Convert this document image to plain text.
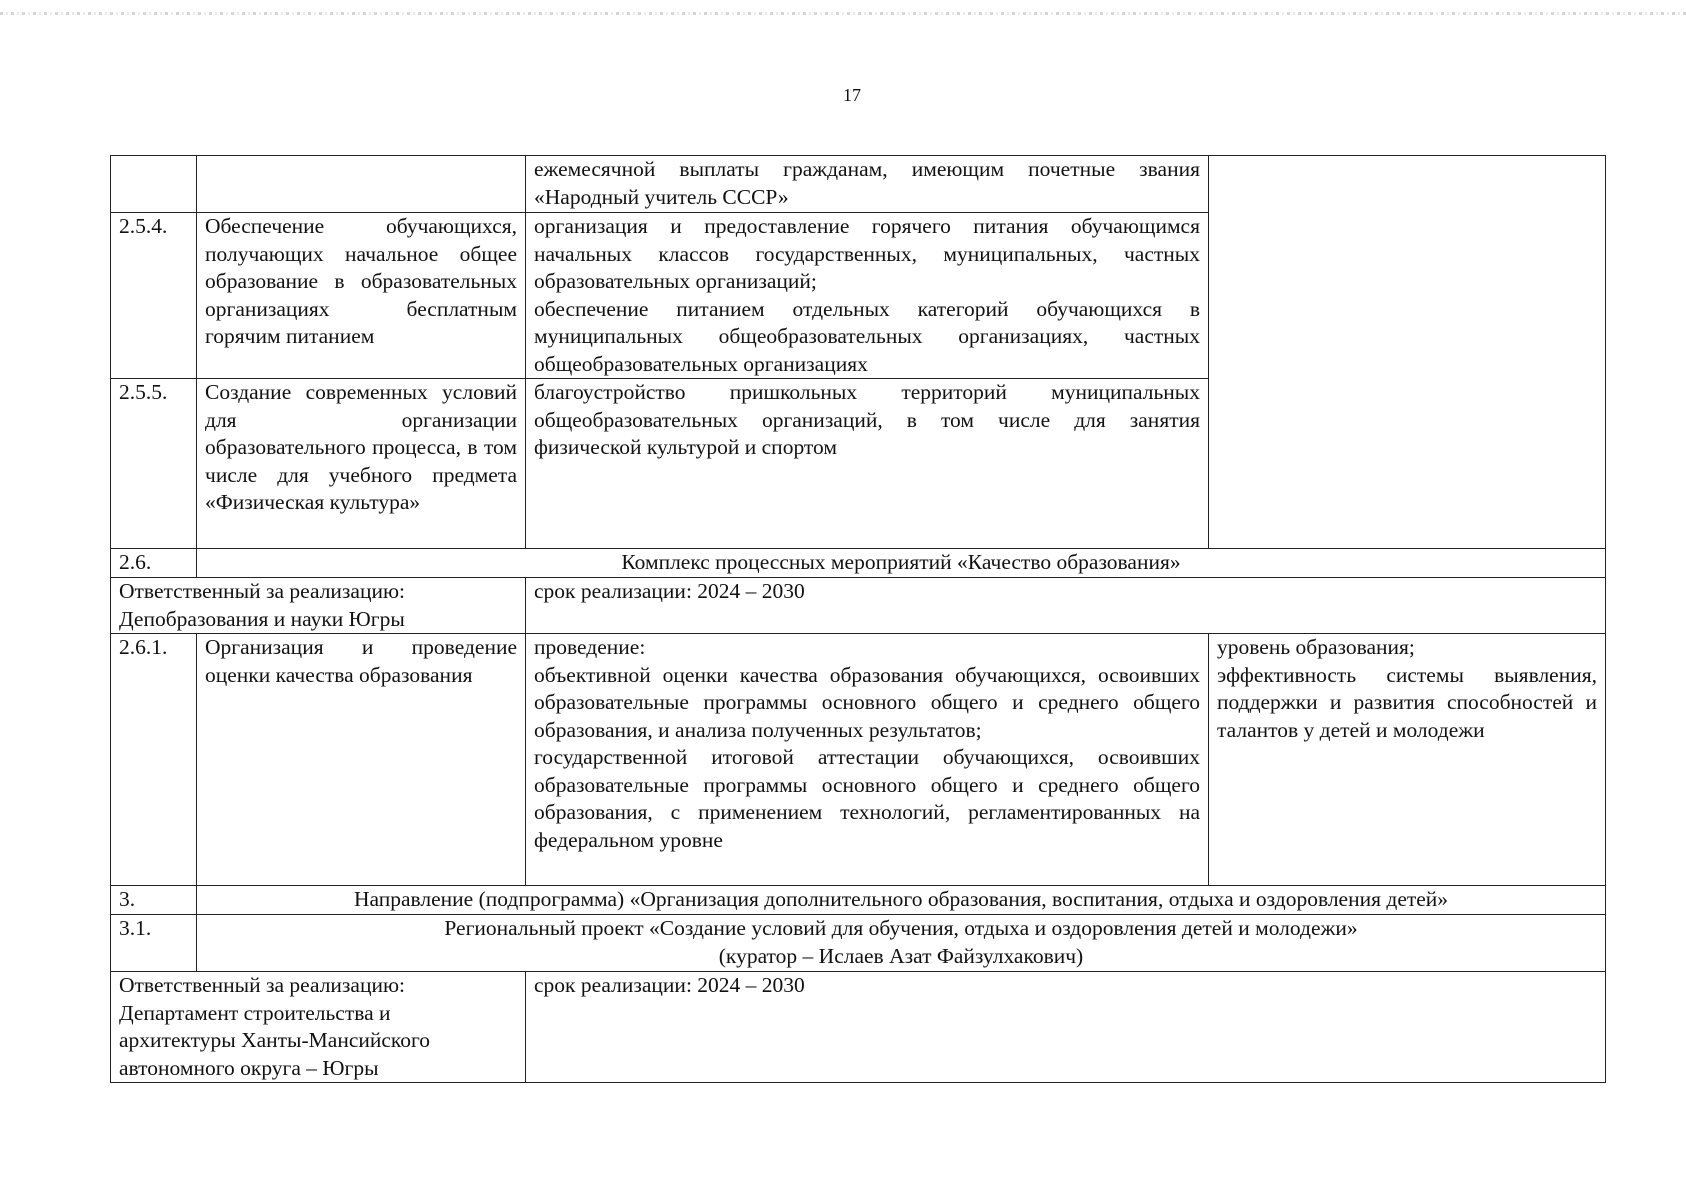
17
		ежемесячной выплаты гражданам, имеющим почетные звания «Народный учитель СССР»	
2.5.4.	Обеспечение обучающихся, получающих начальное общее образование в образовательных организациях бесплатным горячим питанием	организация и предоставление горячего питания обучающимся начальных классов государственных, муниципальных, частных образовательных организаций;
обеспечение питанием отдельных категорий обучающихся в муниципальных общеобразовательных организациях, частных общеобразовательных организациях	

2.5.5.	Создание современных условий для организации образовательного процесса, в том числе для учебного предмета «Физическая культура»	благоустройство пришкольных территорий муниципальных общеобразовательных организаций, в том числе для занятия физической культурой и спортом	
2.6.	Комплекс процессных мероприятий «Качество образования»		

Ответственный за реализацию:
Депобразования и науки Югры		срок реализации: 2024 – 2030	
2.6.1.	Организация и проведение оценки качества образования	проведение:
объективной оценки качества образования обучающихся, освоивших образовательные программы основного общего и среднего общего образования, и анализа полученных результатов;
государственной итоговой аттестации обучающихся, освоивших образовательные программы основного общего и среднего общего образования, с применением технологий, регламентированных на федеральном уровне	уровень образования;
эффективность системы выявления, поддержки и развития способностей и талантов у детей и молодежи

3.	Направление (подпрограмма) «Организация дополнительного образования, воспитания, отдыха и оздоровления детей»		
3.1.	Региональный проект «Создание условий для обучения, отдыха и оздоровления детей и молодежи»
(куратор – Ислаев Азат Файзулхакович)		

Ответственный за реализацию:
Департамент строительства и архитектуры Ханты-Мансийского автономного округа – Югры		срок реализации: 2024 – 2030	
